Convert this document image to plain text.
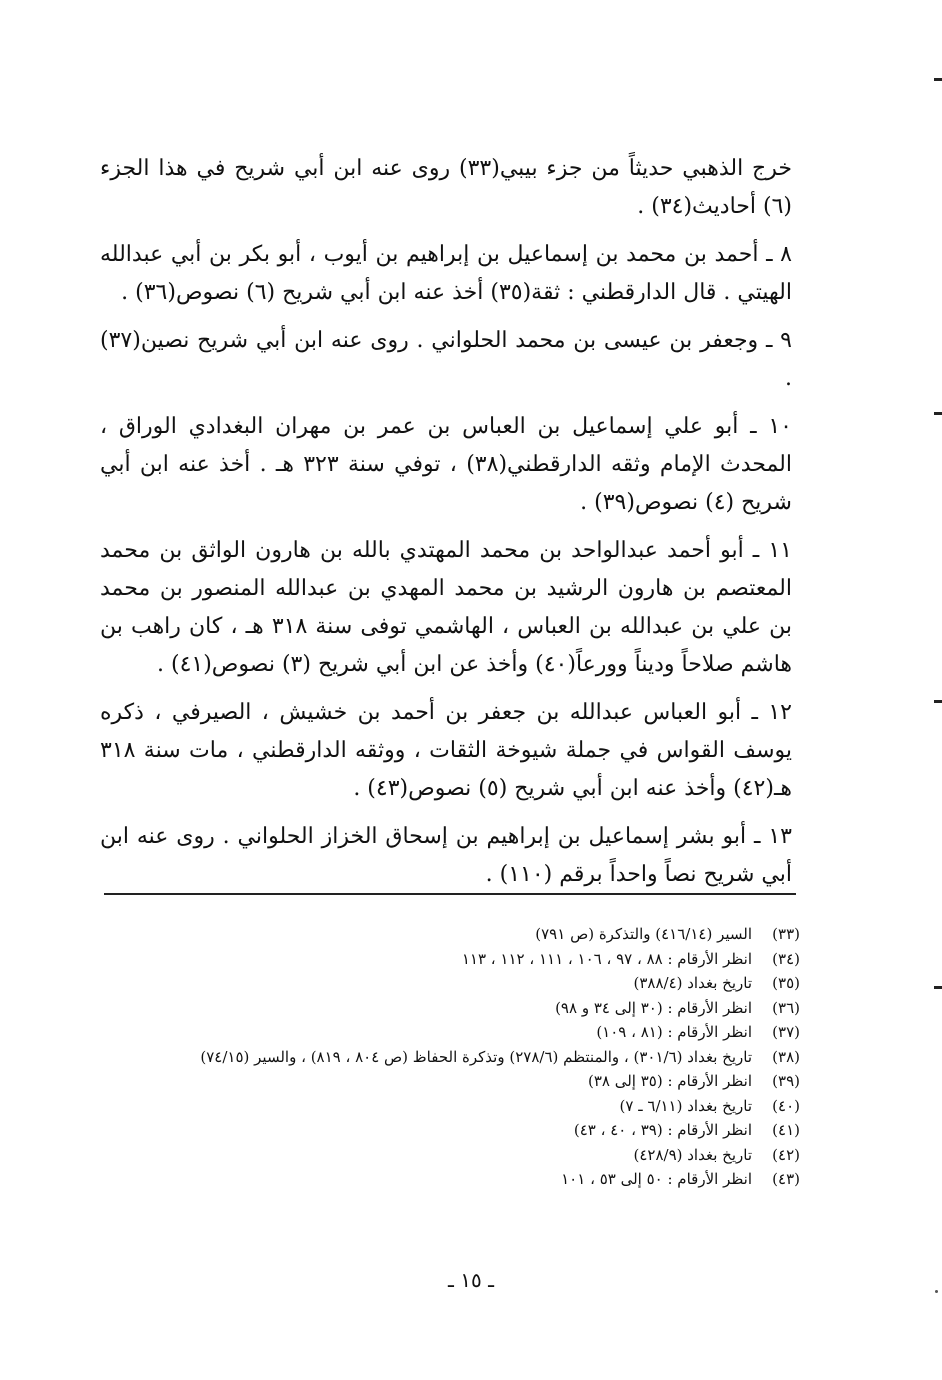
خرج الذهبي حديثاً من جزء بيبي(٣٣) روى عنه ابن أبي شريح في هذا الجزء (٦) أحاديث(٣٤) .

٨ ـ أحمد بن محمد بن إسماعيل بن إبراهيم بن أيوب ، أبو بكر بن أبي عبدالله الهيتي . قال الدارقطني : ثقة(٣٥) أخذ عنه ابن أبي شريح (٦) نصوص(٣٦) .

٩ ـ وجعفر بن عيسى بن محمد الحلواني . روى عنه ابن أبي شريح نصين(٣٧) .

١٠ ـ أبو علي إسماعيل بن العباس بن عمر بن مهران البغدادي الوراق ، المحدث الإمام وثقه الدارقطني(٣٨) ، توفي سنة ٣٢٣ هـ . أخذ عنه ابن أبي شريح (٤) نصوص(٣٩) .

١١ ـ أبو أحمد عبدالواحد بن محمد المهتدي بالله بن هارون الواثق بن محمد المعتصم بن هارون الرشيد بن محمد المهدي بن عبدالله المنصور بن محمد بن علي بن عبدالله بن العباس ، الهاشمي توفى سنة ٣١٨ هـ ، كان راهب بن هاشم صلاحاً وديناً وورعاً(٤٠) وأخذ عن ابن أبي شريح (٣) نصوص(٤١) .

١٢ ـ أبو العباس عبدالله بن جعفر بن أحمد بن خشيش ، الصيرفي ، ذكره يوسف القواس في جملة شيوخة الثقات ، ووثقه الدارقطني ، مات سنة ٣١٨ هـ(٤٢) وأخذ عنه ابن أبي شريح (٥) نصوص(٤٣) .

١٣ ـ أبو بشر إسماعيل بن إبراهيم بن إسحاق الخزاز الحلواني . روى عنه ابن أبي شريح نصاً واحداً برقم (١١٠) .

(٣٣)
السير (٤١٦/١٤) والتذكرة (ص ٧٩١)
(٣٤)
انظر الأرقام : ٨٨ ، ٩٧ ، ١٠٦ ، ١١١ ، ١١٢ ، ١١٣
(٣٥)
تاريخ بغداد (٣٨٨/٤)
(٣٦)
انظر الأرقام : (٣٠ إلى ٣٤ و ٩٨)
(٣٧)
انظر الأرقام : (٨١ ، ١٠٩)
(٣٨)
تاريخ بغداد (٣٠١/٦) ، والمنتظم (٢٧٨/٦) وتذكرة الحفاظ (ص ٨٠٤ ، ٨١٩) ، والسير (٧٤/١٥)
(٣٩)
انظر الأرقام : (٣٥ إلى ٣٨)
(٤٠)
تاريخ بغداد (٦/١١ ـ ٧)
(٤١)
انظر الأرقام : (٣٩ ، ٤٠ ، ٤٣)
(٤٢)
تاريخ بغداد (٤٢٨/٩)
(٤٣)
انظر الأرقام : ٥٠ إلى ٥٣ ، ١٠١
ـ ١٥ ـ
